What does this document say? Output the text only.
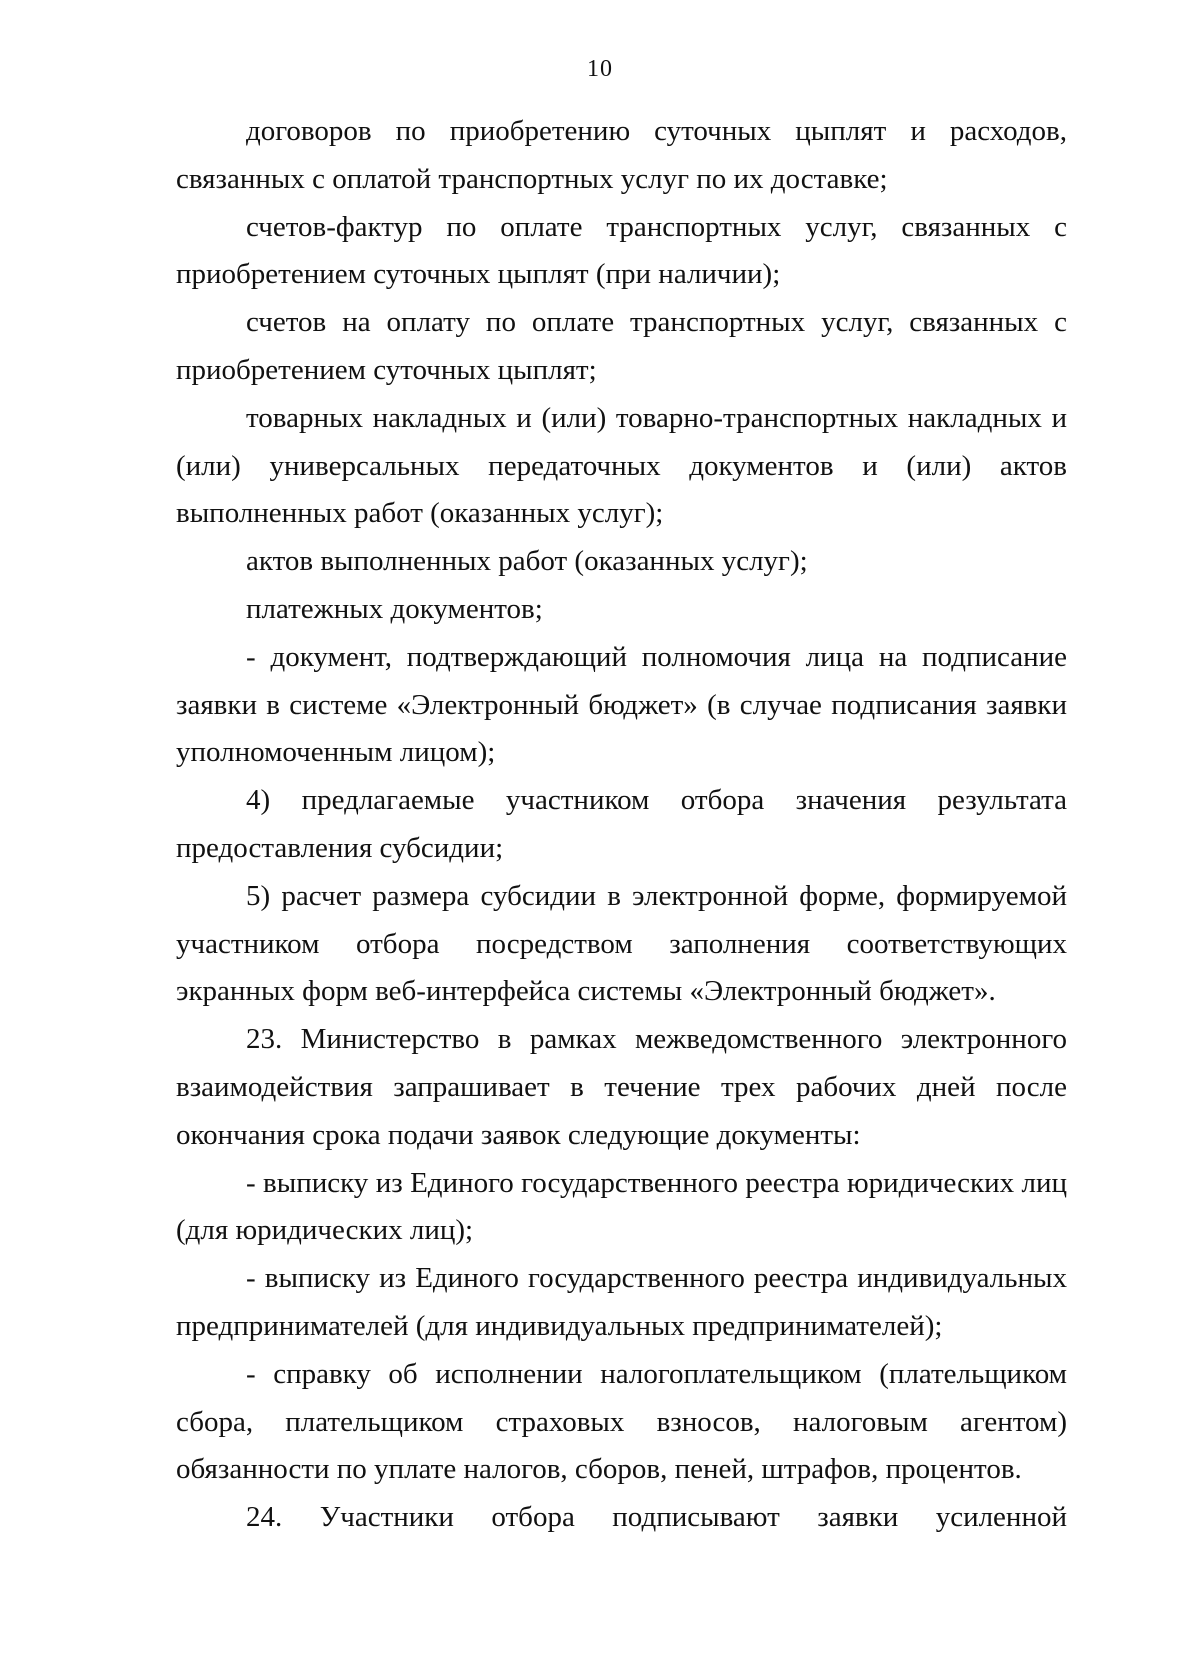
10

договоров по приобретению суточных цыплят и расходов, связанных с оплатой транспортных услуг по их доставке;

счетов-фактур по оплате транспортных услуг, связанных с приобретением суточных цыплят (при наличии);

счетов на оплату по оплате транспортных услуг, связанных с приобретением суточных цыплят;

товарных накладных и (или) товарно-транспортных накладных и (или) универсальных передаточных документов и (или) актов выполненных работ (оказанных услуг);

актов выполненных работ (оказанных услуг);

платежных документов;

- документ, подтверждающий полномочия лица на подписание заявки в системе «Электронный бюджет» (в случае подписания заявки уполномоченным лицом);

4) предлагаемые участником отбора значения результата предоставления субсидии;

5) расчет размера субсидии в электронной форме, формируемой участником отбора посредством заполнения соответствующих экранных форм веб-интерфейса системы «Электронный бюджет».

23. Министерство в рамках межведомственного электронного взаимодействия запрашивает в течение трех рабочих дней после окончания срока подачи заявок следующие документы:

- выписку из Единого государственного реестра юридических лиц (для юридических лиц);

- выписку из Единого государственного реестра индивидуальных предпринимателей (для индивидуальных предпринимателей);

- справку об исполнении налогоплательщиком (плательщиком сбора, плательщиком страховых взносов, налоговым агентом) обязанности по уплате налогов, сборов, пеней, штрафов, процентов.

24. Участники отбора подписывают заявки усиленной
